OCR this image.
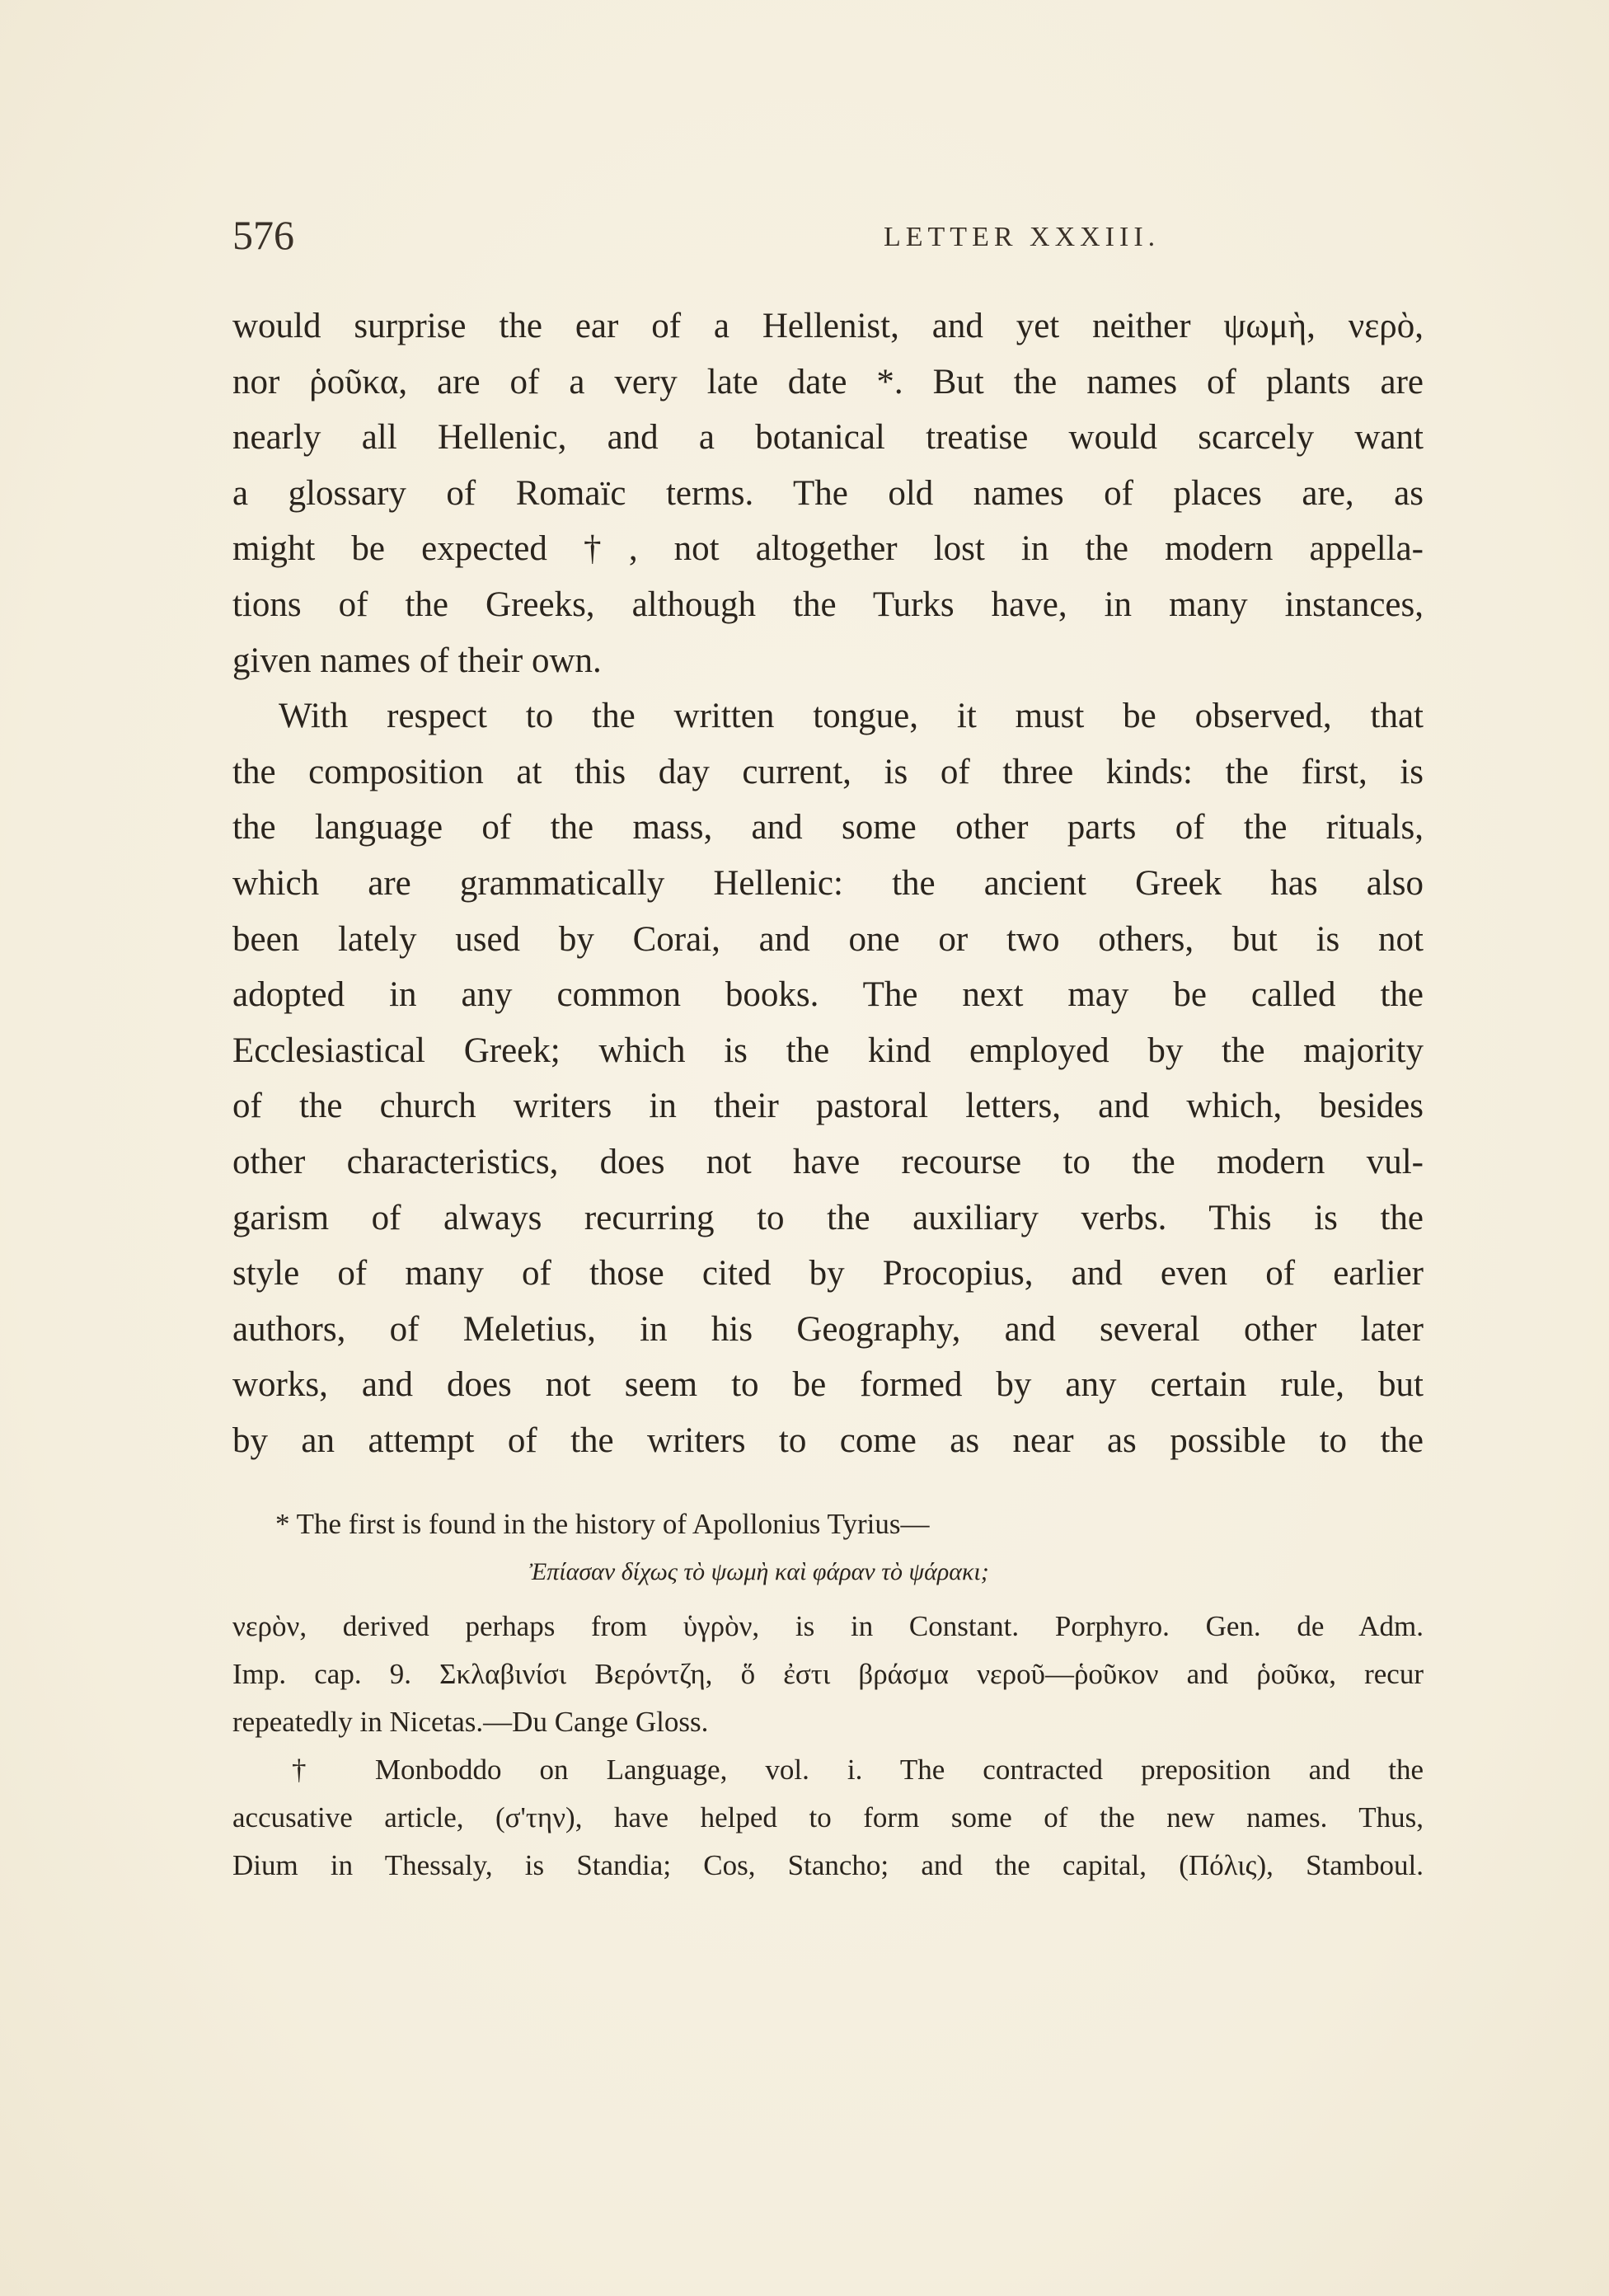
576	LETTER XXXIII.
would surprise the ear of a Hellenist, and yet neither ψωμὴ, νερὸ,
nor ῥοῦκα, are of a very late date *. But the names of plants are
nearly all Hellenic, and a botanical treatise would scarcely want
a glossary of Romaïc terms. The old names of places are, as
might be expected †, not altogether lost in the modern appella-
tions of the Greeks, although the Turks have, in many instances,
given names of their own.
With respect to the written tongue, it must be observed, that
the composition at this day current, is of three kinds: the first, is
the language of the mass, and some other parts of the rituals,
which are grammatically Hellenic: the ancient Greek has also
been lately used by Corai, and one or two others, but is not
adopted in any common books. The next may be called the
Ecclesiastical Greek; which is the kind employed by the majority
of the church writers in their pastoral letters, and which, besides
other characteristics, does not have recourse to the modern vul-
garism of always recurring to the auxiliary verbs. This is the
style of many of those cited by Procopius, and even of earlier
authors, of Meletius, in his Geography, and several other later
works, and does not seem to be formed by any certain rule, but
by an attempt of the writers to come as near as possible to the
* The first is found in the history of Apollonius Tyrius—
Ἐπίασαν δίχως τὸ ψωμὴ καὶ φάραν τὸ ψάρακι;
νερὸν, derived perhaps from ὑγρὸν, is in Constant. Porphyro. Gen. de Adm.
Imp. cap. 9. Σκλαβινίσι Βερόντζη, ὅ ἐστι βράσμα νεροῦ—ῥοῦκον and ῥοῦκα, recur
repeatedly in Nicetas.—Du Cange Gloss.
† Monboddo on Language, vol. i. The contracted preposition and the
accusative article, (σ'την), have helped to form some of the new names. Thus,
Dium in Thessaly, is Standia; Cos, Stancho; and the capital, (Πόλις), Stamboul.
